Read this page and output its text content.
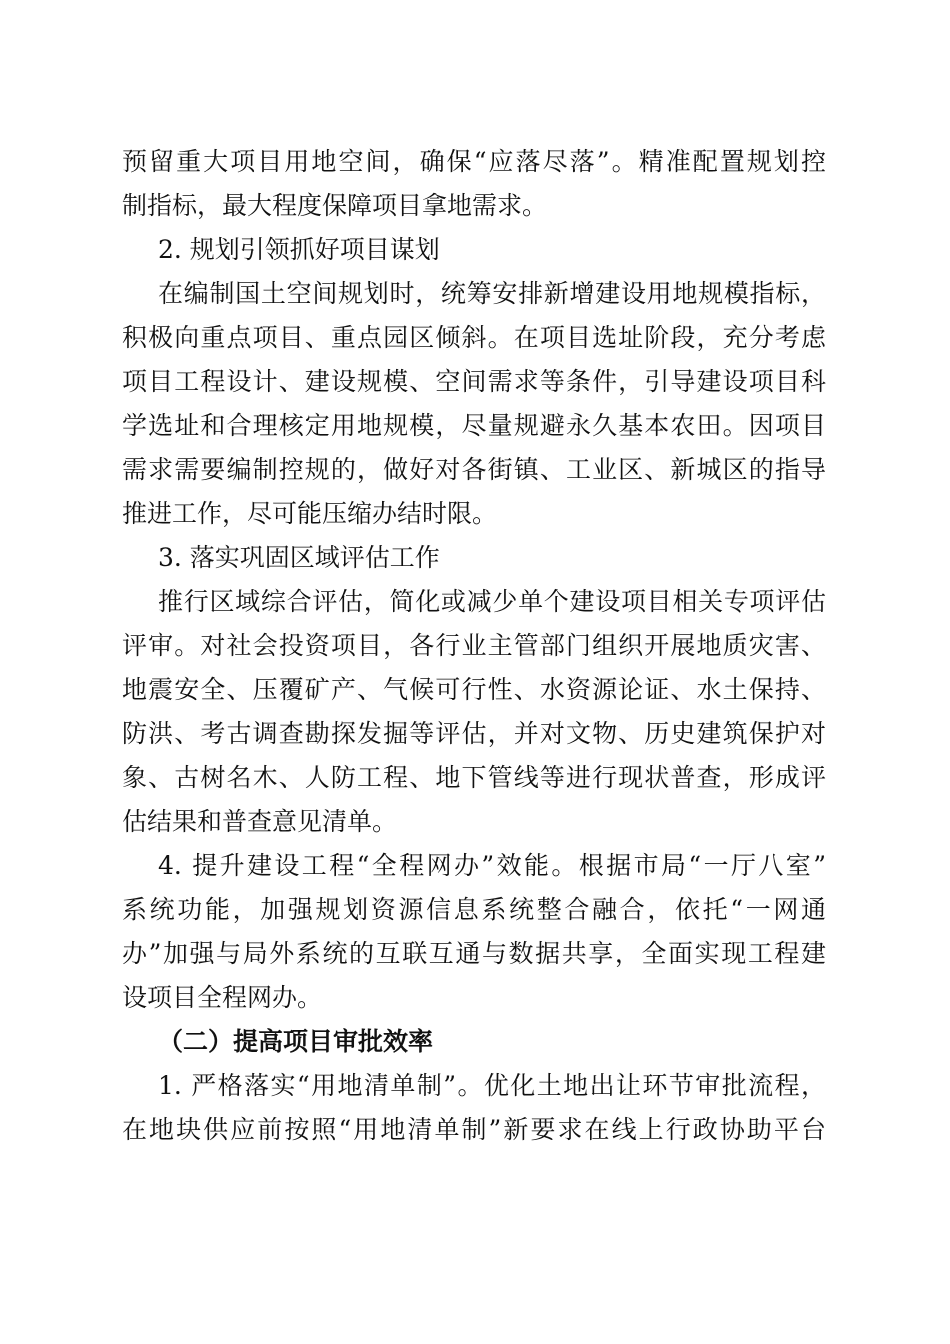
预留重大项目用地空间，确保“应落尽落”。精准配置规划控
制指标，最大程度保障项目拿地需求。
2. 规划引领抓好项目谋划
在编制国土空间规划时，统筹安排新增建设用地规模指标，
积极向重点项目、重点园区倾斜。在项目选址阶段，充分考虑
项目工程设计、建设规模、空间需求等条件，引导建设项目科
学选址和合理核定用地规模，尽量规避永久基本农田。因项目
需求需要编制控规的，做好对各街镇、工业区、新城区的指导
推进工作，尽可能压缩办结时限。
3. 落实巩固区域评估工作
推行区域综合评估，简化或减少单个建设项目相关专项评估
评审。对社会投资项目，各行业主管部门组织开展地质灾害、
地震安全、压覆矿产、气候可行性、水资源论证、水土保持、
防洪、考古调查勘探发掘等评估，并对文物、历史建筑保护对
象、古树名木、人防工程、地下管线等进行现状普查，形成评
估结果和普查意见清单。
4. 提升建设工程“全程网办”效能。根据市局“一厅八室”
系统功能，加强规划资源信息系统整合融合，依托“一网通
办”加强与局外系统的互联互通与数据共享，全面实现工程建
设项目全程网办。
（二）提高项目审批效率
1. 严格落实“用地清单制”。优化土地出让环节审批流程，
在地块供应前按照“用地清单制”新要求在线上行政协助平台
